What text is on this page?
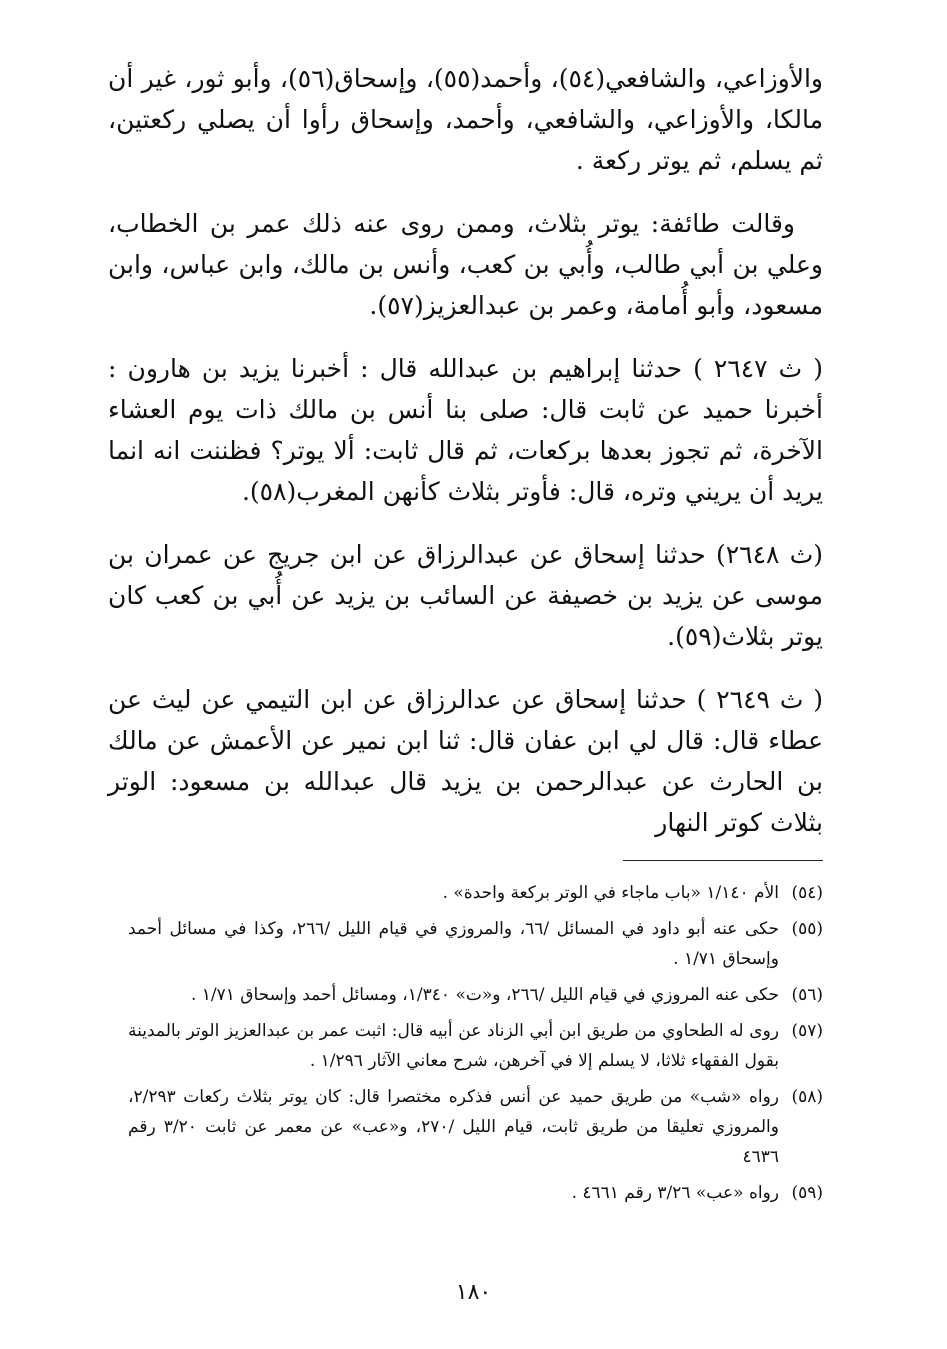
والأوزاعي، والشافعي(٥٤)، وأحمد(٥٥)، وإسحاق(٥٦)، وأبو ثور، غير أن مالكا، والأوزاعي، والشافعي، وأحمد، وإسحاق رأوا أن يصلي ركعتين، ثم يسلم، ثم يوتر ركعة .

وقالت طائفة: يوتر بثلاث، وممن روى عنه ذلك عمر بن الخطاب، وعلي بن أبي طالب، وأُبي بن كعب، وأنس بن مالك، وابن عباس، وابن مسعود، وأبو أُمامة، وعمر بن عبدالعزيز(٥٧).

( ث ٢٦٤٧ ) حدثنا إبراهيم بن عبدالله قال : أخبرنا يزيد بن هارون : أخبرنا حميد عن ثابت قال: صلى بنا أنس بن مالك ذات يوم العشاء الآخرة، ثم تجوز بعدها بركعات، ثم قال ثابت: ألا يوتر؟ فظننت انه انما يريد أن يريني وتره، قال: فأوتر بثلاث كأنهن المغرب(٥٨).

(ث ٢٦٤٨) حدثنا إسحاق عن عبدالرزاق عن ابن جريج عن عمران بن موسى عن يزيد بن خصيفة عن السائب بن يزيد عن أُبي بن كعب كان يوتر بثلاث(٥٩).

( ث ٢٦٤٩ ) حدثنا إسحاق عن عدالرزاق عن ابن التيمي عن ليث عن عطاء قال: قال لي ابن عفان قال: ثنا ابن نمير عن الأعمش عن مالك بن الحارث عن عبدالرحمن بن يزيد قال عبدالله بن مسعود: الوتر بثلاث كوتر النهار

(٥٤)
الأم ١/١٤٠ «باب ماجاء في الوتر بركعة واحدة» .
(٥٥)
حكى عنه أبو داود في المسائل /٦٦، والمروزي في قيام الليل /٢٦٦، وكذا في مسائل أحمد وإسحاق ١/٧١ .
(٥٦)
حكى عنه المروزي في قيام الليل /٢٦٦، و«ت» ١/٣٤٠، ومسائل أحمد وإسحاق ١/٧١ .
(٥٧)
روى له الطحاوي من طريق ابن أبي الزناد عن أبيه قال: اثبت عمر بن عبدالعزيز الوتر بالمدينة بقول الفقهاء ثلاثا، لا يسلم إلا في آخرهن، شرح معاني الآثار ١/٢٩٦ .
(٥٨)
رواه «شب» من طريق حميد عن أنس فذكره مختصرا قال: كان يوتر بثلاث ركعات ٢/٢٩٣، والمروزي تعليقا من طريق ثابت، قيام الليل /٢٧٠، و«عب» عن معمر عن ثابت ٣/٢٠ رقم ٤٦٣٦
(٥٩)
رواه «عب» ٣/٢٦ رقم ٤٦٦١ .
١٨٠
